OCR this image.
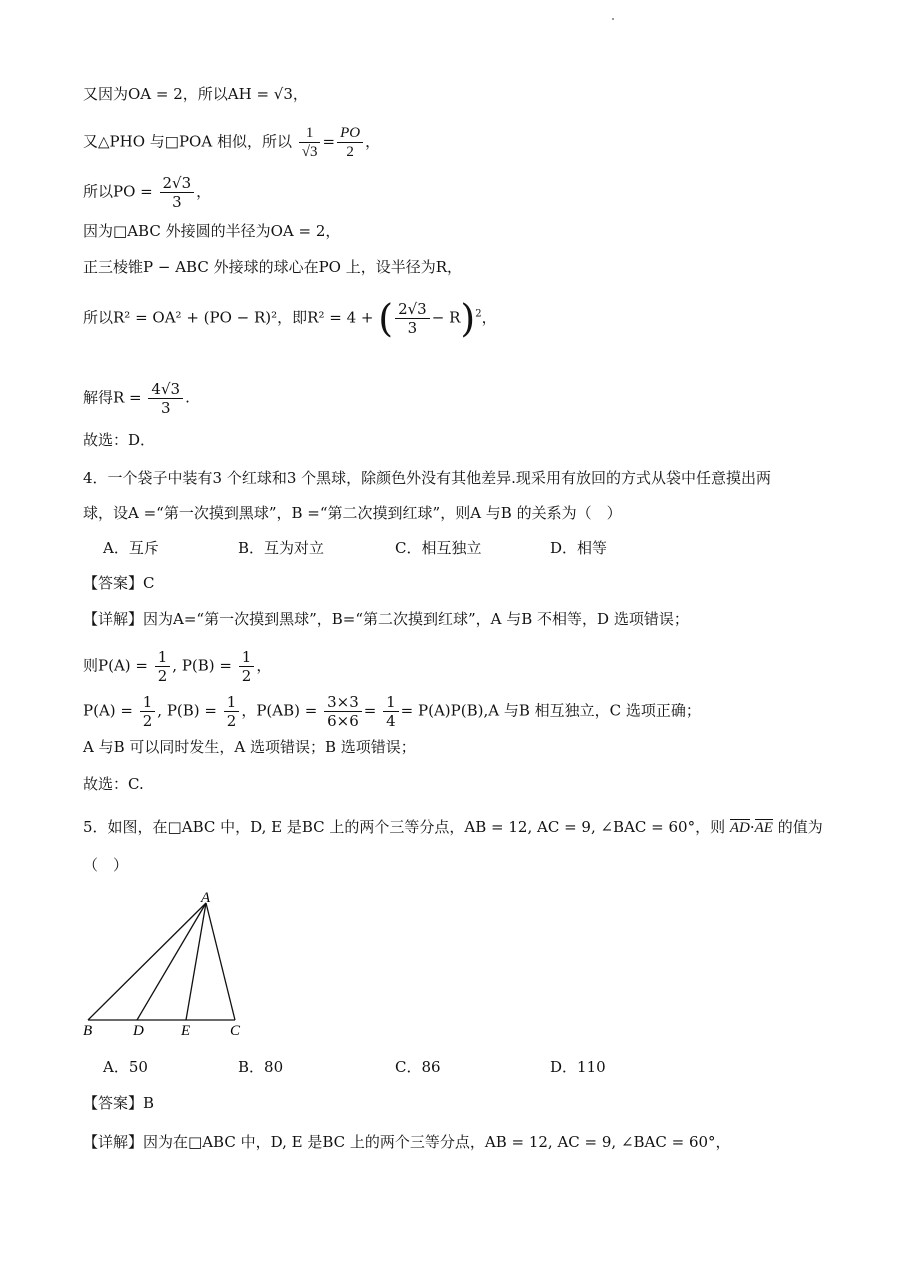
又因为OA = 2，所以AH = √3，
又△PHO 与□POA 相似，所以 $\frac{1}{√3} = \frac{PO}{2}$ ，
所以PO = $\frac{2√3}{3}$ ，
因为□ABC 外接圆的半径为OA = 2，
正三棱锥P − ABC 外接球的球心在PO 上，设半径为R，
所以R² = OA² + (PO − R)²，即R² = 4 + ( $\frac{2√3}{3} - R)^2$，
解得$R = \frac{4√3}{3}$ .
故选：D．
4．一个袋子中装有3 个红球和3 个黑球，除颜色外没有其他差异.现采用有放回的方式从袋中任意摸出两
球，设A =“第一次摸到黑球”，B =“第二次摸到红球”，则A 与B 的关系为（　）
A．互斥	B．互为对立	C．相互独立	D．相等
【答案】C
【详解】因为A=“第一次摸到黑球”，B=“第二次摸到红球”，A 与B 不相等，D 选项错误；
则$P(A) = \frac{1}{2}$ , $P(B) = \frac{1}{2}$ ，
$P(A) = \frac{1}{2}$ , $P(B) = \frac{1}{2}$ ，$P(AB) = \frac{3\times 3}{6\times 6} = \frac{1}{4} = P(A)P(B),A$ 与B 相互独立，C 选项正确；
A 与B 可以同时发生，A 选项错误；B 选项错误；
故选：C.
5．如图，在□ABC 中，D, E 是BC 上的两个三等分点，AB = 12, AC = 9, ∠BAC = 60°，则 AD·AE 的值为
（　）
A
B	D E	C
A．50	B．80	C．86	D．110
【答案】B
【详解】因为在□ABC 中，D, E 是BC 上的两个三等分点，AB = 12, AC = 9, ∠BAC = 60°，
